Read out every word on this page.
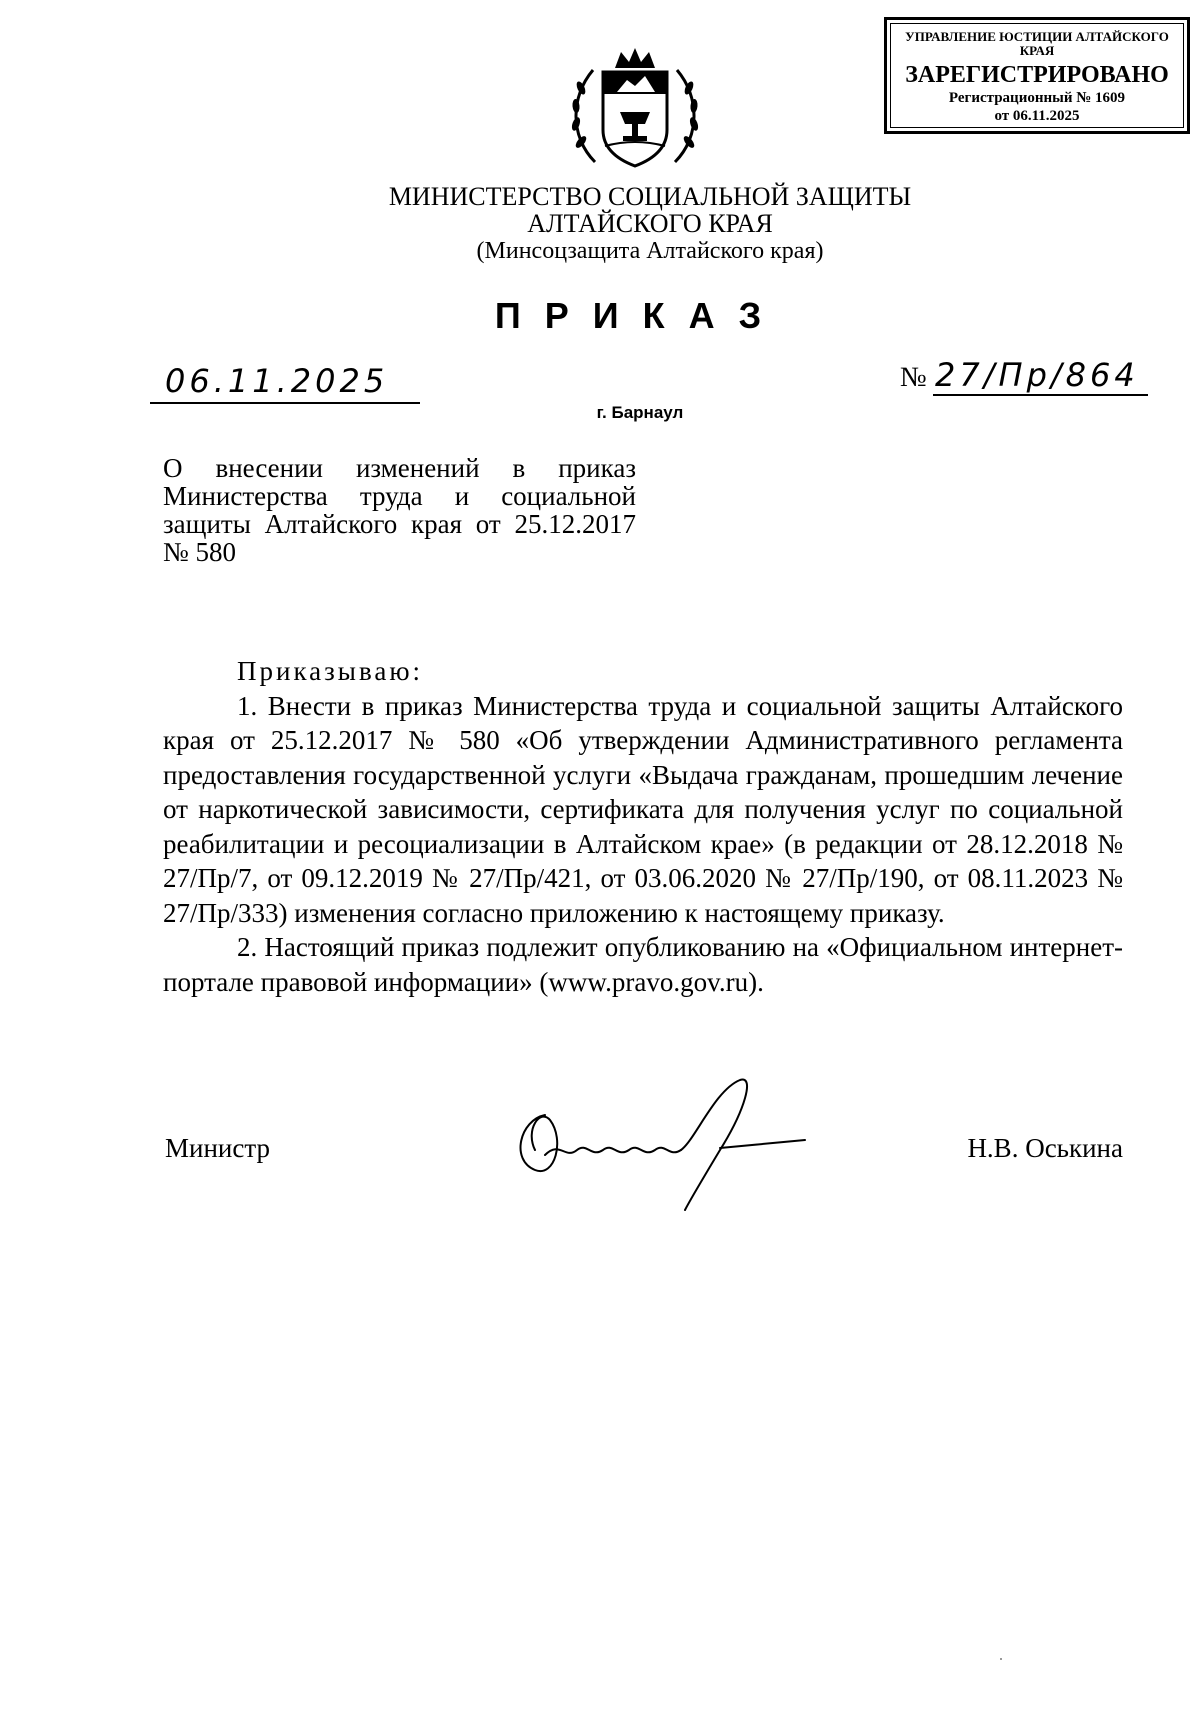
УПРАВЛЕНИЕ ЮСТИЦИИ АЛТАЙСКОГО КРАЯ
ЗАРЕГИСТРИРОВАНО
Регистрационный № 1609
от 06.11.2025
МИНИСТЕРСТВО СОЦИАЛЬНОЙ ЗАЩИТЫ
АЛТАЙСКОГО КРАЯ
(Минсоцзащита Алтайского края)
ПРИКАЗ
06.11.2025	№ 27/Пр/864
г. Барнаул
О внесении изменений в приказ Министерства труда и социальной защиты Алтайского края от 25.12.2017 № 580
Приказываю:

1. Внести в приказ Министерства труда и социальной защиты Алтайского края от 25.12.2017 № 580 «Об утверждении Административного регламента предоставления государственной услуги «Выдача гражданам, прошедшим лечение от наркотической зависимости, сертификата для получения услуг по социальной реабилитации и ресоциализации в Алтайском крае» (в редакции от 28.12.2018 № 27/Пр/7, от 09.12.2019 № 27/Пр/421, от 03.06.2020 № 27/Пр/190, от 08.11.2023 № 27/Пр/333) изменения согласно приложению к настоящему приказу.

2. Настоящий приказ подлежит опубликованию на «Официальном интернет-портале правовой информации» (www.pravo.gov.ru).

Министр	Н.В. Оськина
